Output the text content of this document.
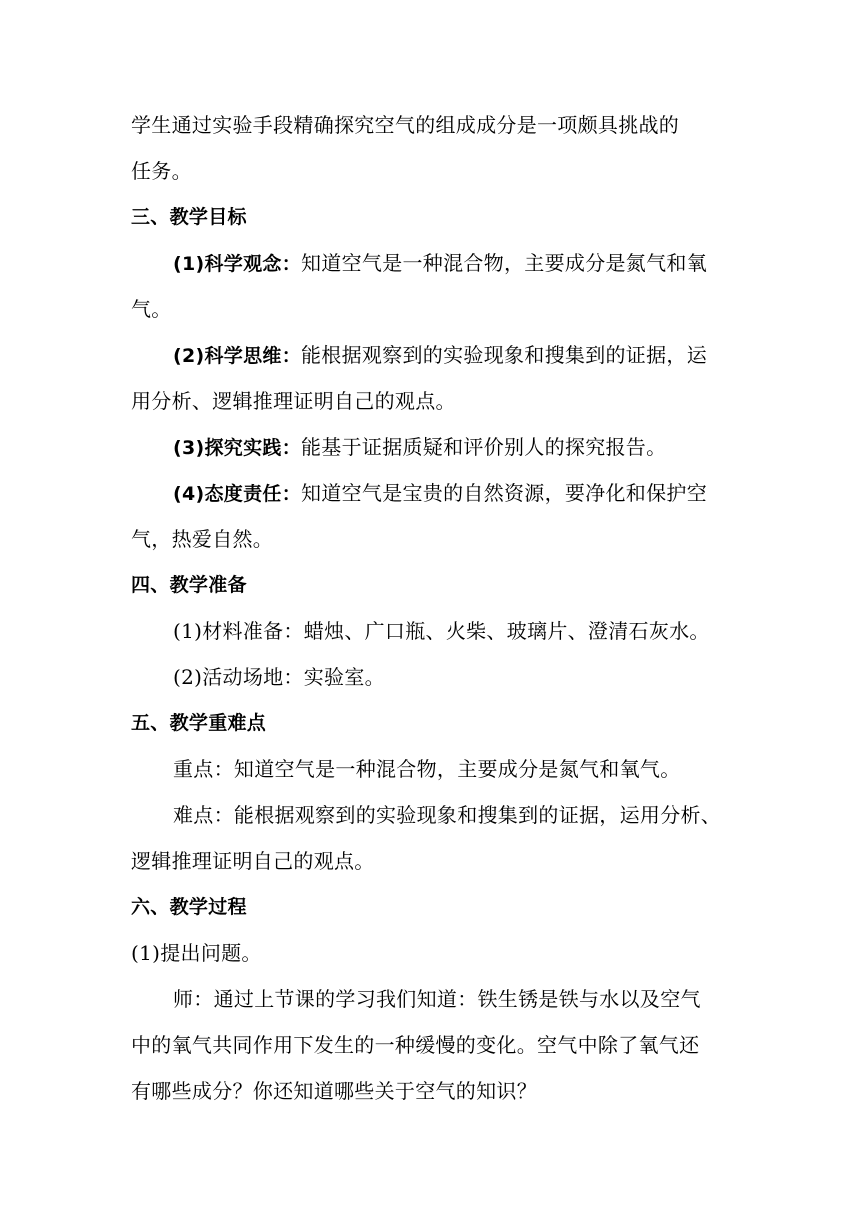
学生通过实验手段精确探究空气的组成成分是一项颇具挑战的
任务。
三、教学目标
(1)科学观念：知道空气是一种混合物，主要成分是氮气和氧
气。
(2)科学思维：能根据观察到的实验现象和搜集到的证据，运
用分析、逻辑推理证明自己的观点。
(3)探究实践：能基于证据质疑和评价别人的探究报告。
(4)态度责任：知道空气是宝贵的自然资源，要净化和保护空
气，热爱自然。
四、教学准备
(1)材料准备：蜡烛、广口瓶、火柴、玻璃片、澄清石灰水。
(2)活动场地：实验室。
五、教学重难点
重点：知道空气是一种混合物，主要成分是氮气和氧气。
难点：能根据观察到的实验现象和搜集到的证据，运用分析、
逻辑推理证明自己的观点。
六、教学过程
(1)提出问题。
师：通过上节课的学习我们知道：铁生锈是铁与水以及空气
中的氧气共同作用下发生的一种缓慢的变化。空气中除了氧气还
有哪些成分？你还知道哪些关于空气的知识？
